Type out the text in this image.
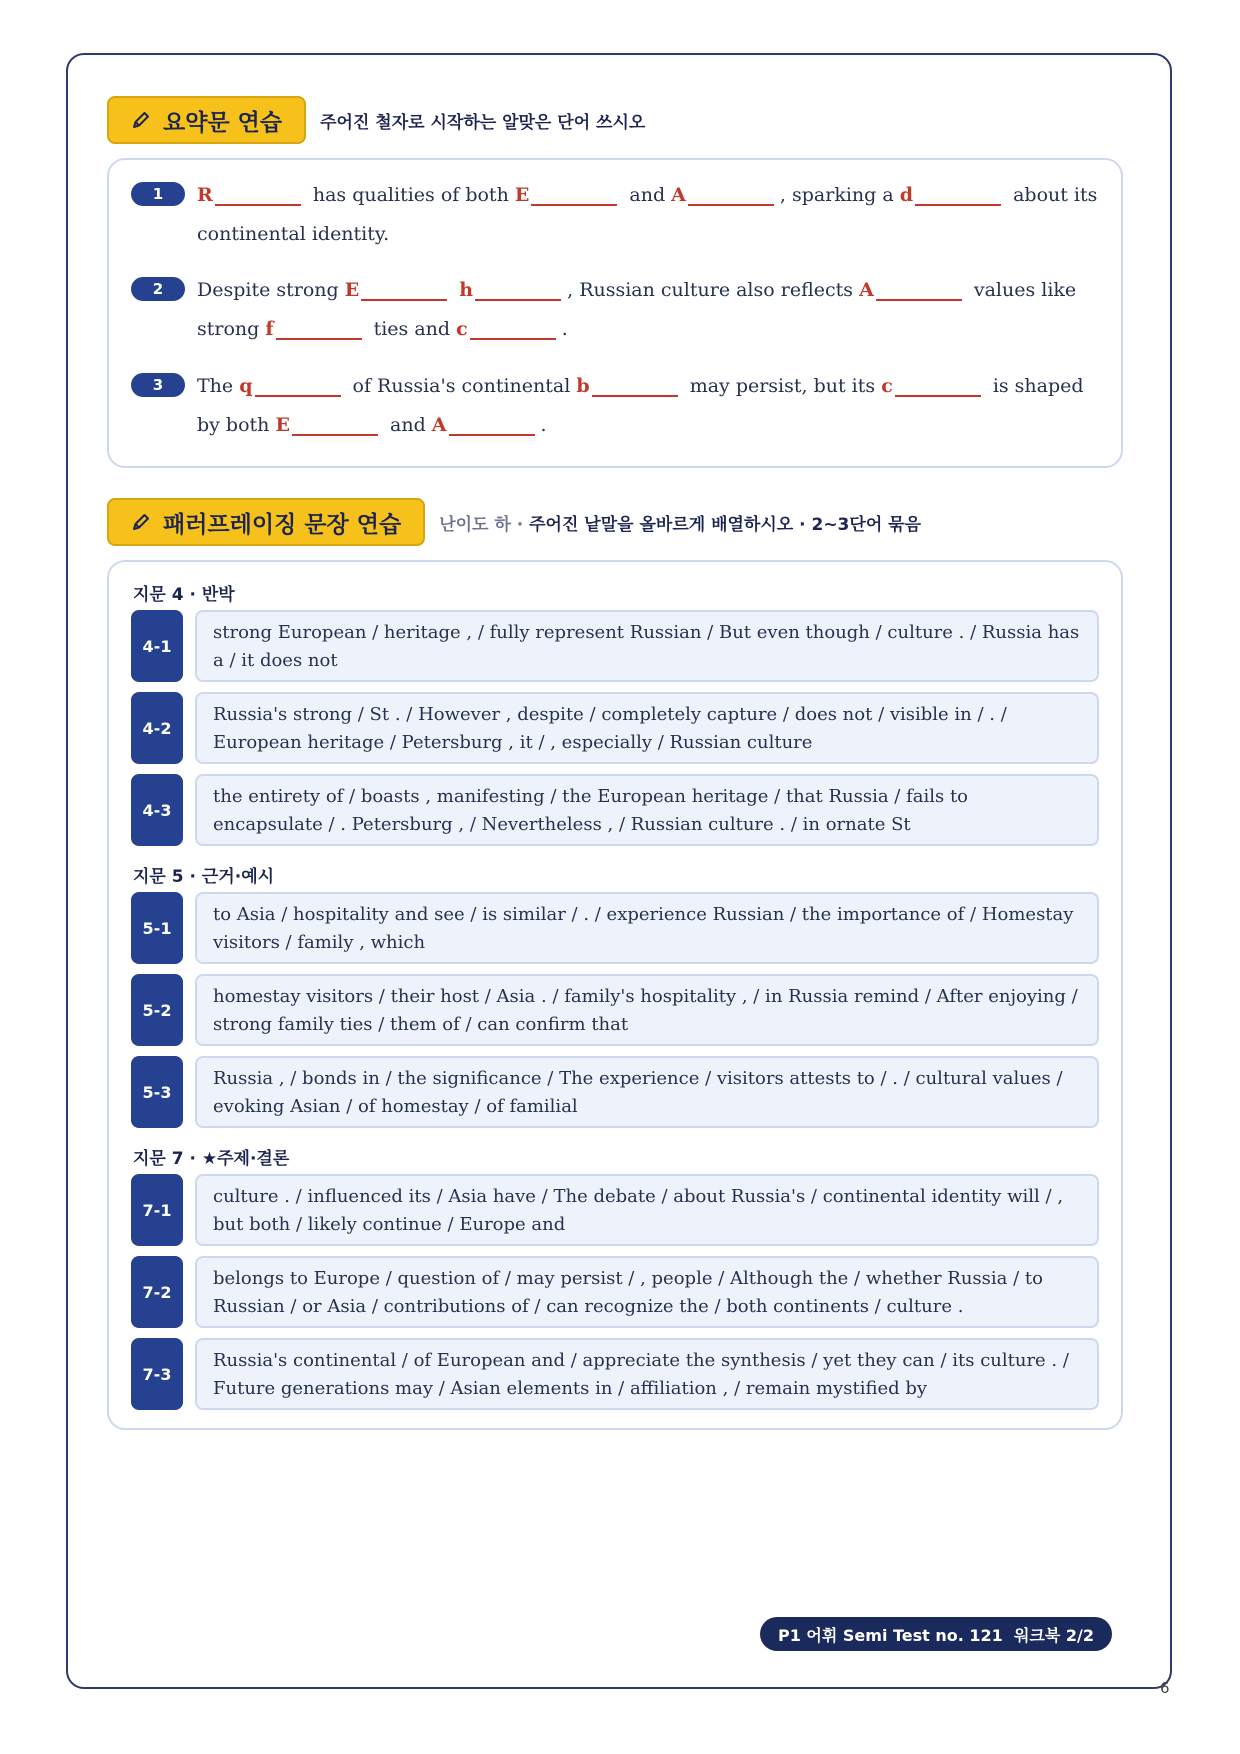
요약문 연습 주어진 철자로 시작하는 알맞은 단어 쓰시오
1	R	has qualities of both E	and A	, sparking a d	about its continental identity.
2	Despite strong E	h	, Russian culture also reflects A	values like strong f	ties and c	.
3	The q	of Russia's continental b	may persist, but its c	is shaped by both E	and A	.
패러프레이징 문장 연습 난이도 하 · 주어진 낱말을 올바르게 배열하시오 · 2~3단어 묶음
지문 4 · 반박
4-1
strong European / heritage , / fully represent Russian / But even though / culture . / Russia has a / it does not
4-2
Russia's strong / St . / However , despite / completely capture / does not / visible in / . / European heritage / Petersburg , it / , especially / Russian culture
4-3
the entirety of / boasts , manifesting / the European heritage / that Russia / fails to encapsulate / . Petersburg , / Nevertheless , / Russian culture . / in ornate St
지문 5 · 근거·예시
5-1
to Asia / hospitality and see / is similar / . / experience Russian / the importance of / Homestay visitors / family , which
5-2
homestay visitors / their host / Asia . / family's hospitality , / in Russia remind / After enjoying / strong family ties / them of / can confirm that
5-3
Russia , / bonds in / the significance / The experience / visitors attests to / . / cultural values / evoking Asian / of homestay / of familial
지문 7 · ★주제·결론
7-1
culture . / influenced its / Asia have / The debate / about Russia's / continental identity will / , but both / likely continue / Europe and
7-2
belongs to Europe / question of / may persist / , people / Although the / whether Russia / to Russian / or Asia / contributions of / can recognize the / both continents / culture .
7-3
Russia's continental / of European and / appreciate the synthesis / yet they can / its culture . / Future generations may / Asian elements in / affiliation , / remain mystified by
P1 어휘 Semi Test no. 121  워크북 2/2
6
